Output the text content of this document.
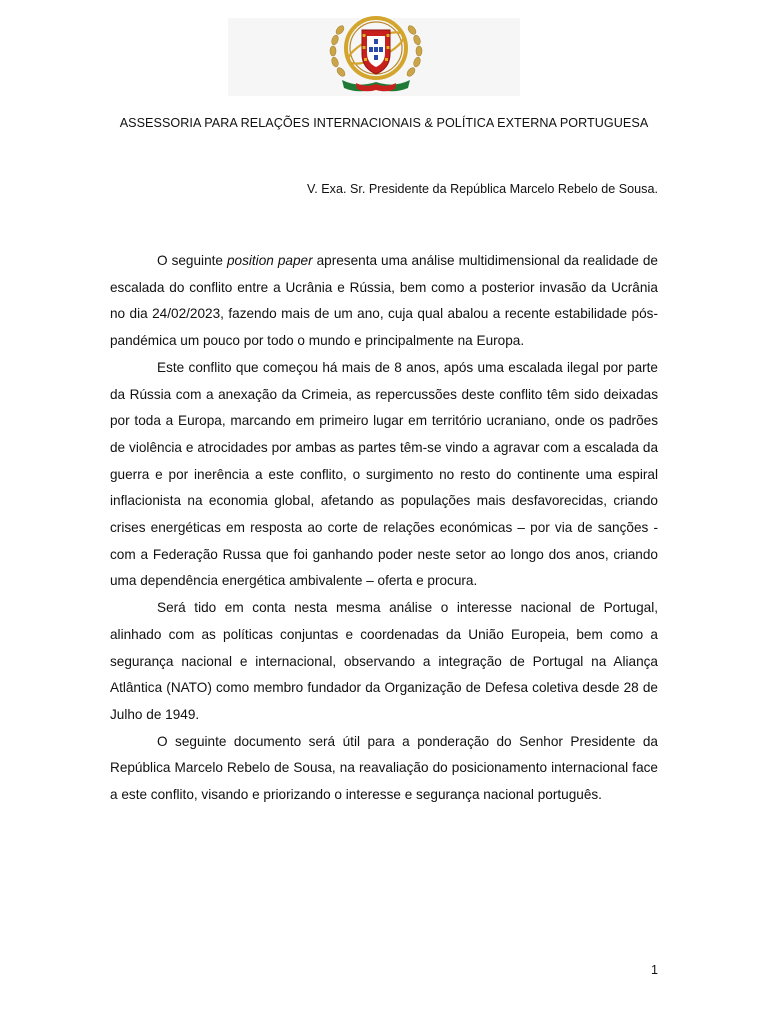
ASSESSORIA PARA RELAÇÕES INTERNACIONAIS & POLÍTICA EXTERNA PORTUGUESA
V. Exa. Sr. Presidente da República Marcelo Rebelo de Sousa.

O seguinte position paper apresenta uma análise multidimensional da realidade de escalada do conflito entre a Ucrânia e Rússia, bem como a posterior invasão da Ucrânia no dia 24/02/2023, fazendo mais de um ano, cuja qual abalou a recente estabilidade pós-pandémica um pouco por todo o mundo e principalmente na Europa.

Este conflito que começou há mais de 8 anos, após uma escalada ilegal por parte da Rússia com a anexação da Crimeia, as repercussões deste conflito têm sido deixadas por toda a Europa, marcando em primeiro lugar em território ucraniano, onde os padrões de violência e atrocidades por ambas as partes têm-se vindo a agravar com a escalada da guerra e por inerência a este conflito, o surgimento no resto do continente uma espiral inflacionista na economia global, afetando as populações mais desfavorecidas, criando crises energéticas em resposta ao corte de relações económicas – por via de sanções - com a Federação Russa que foi ganhando poder neste setor ao longo dos anos, criando uma dependência energética ambivalente – oferta e procura.

Será tido em conta nesta mesma análise o interesse nacional de Portugal, alinhado com as políticas conjuntas e coordenadas da União Europeia, bem como a segurança nacional e internacional, observando a integração de Portugal na Aliança Atlântica (NATO) como membro fundador da Organização de Defesa coletiva desde 28 de Julho de 1949.

O seguinte documento será útil para a ponderação do Senhor Presidente da República Marcelo Rebelo de Sousa, na reavaliação do posicionamento internacional face a este conflito, visando e priorizando o interesse e segurança nacional português.

1
